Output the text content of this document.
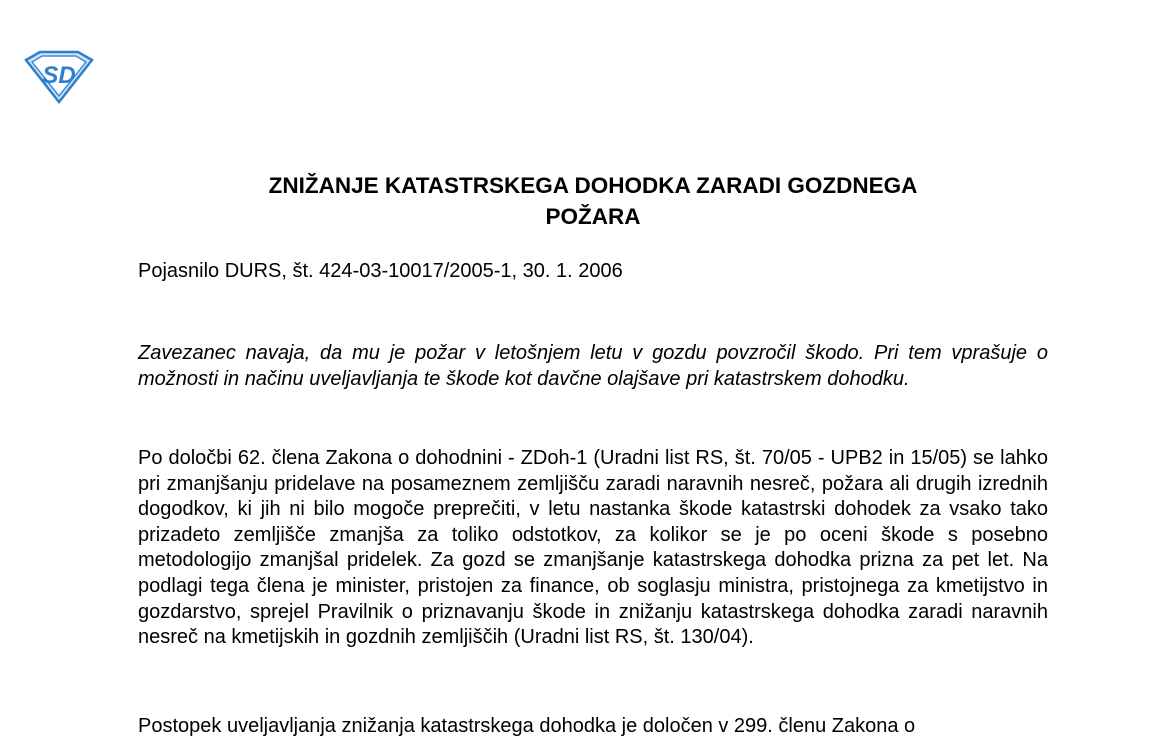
SD
ZNIŽANJE KATASTRSKEGA DOHODKA ZARADI GOZDNEGA
POŽARA

Pojasnilo DURS, št. 424-03-10017/2005-1, 30. 1. 2006

Zavezanec navaja, da mu je požar v letošnjem letu v gozdu povzročil škodo. Pri tem vprašuje o možnosti in načinu uveljavljanja te škode kot davčne olajšave pri katastrskem dohodku.

Po določbi 62. člena Zakona o dohodnini - ZDoh-1 (Uradni list RS, št. 70/05 - UPB2 in 15/05) se lahko pri zmanjšanju pridelave na posameznem zemljišču zaradi naravnih nesreč, požara ali drugih izrednih dogodkov, ki jih ni bilo mogoče preprečiti, v letu nastanka škode katastrski dohodek za vsako tako prizadeto zemljišče zmanjša za toliko odstotkov, za kolikor se je po oceni škode s posebno metodologijo zmanjšal pridelek. Za gozd se zmanjšanje katastrskega dohodka prizna za pet let. Na podlagi tega člena je minister, pristojen za finance, ob soglasju ministra, pristojnega za kmetijstvo in gozdarstvo, sprejel Pravilnik o priznavanju škode in znižanju katastrskega dohodka zaradi naravnih nesreč na kmetijskih in gozdnih zemljiščih (Uradni list RS, št. 130/04).

Postopek uveljavljanja znižanja katastrskega dohodka je določen v 299. členu Zakona o
